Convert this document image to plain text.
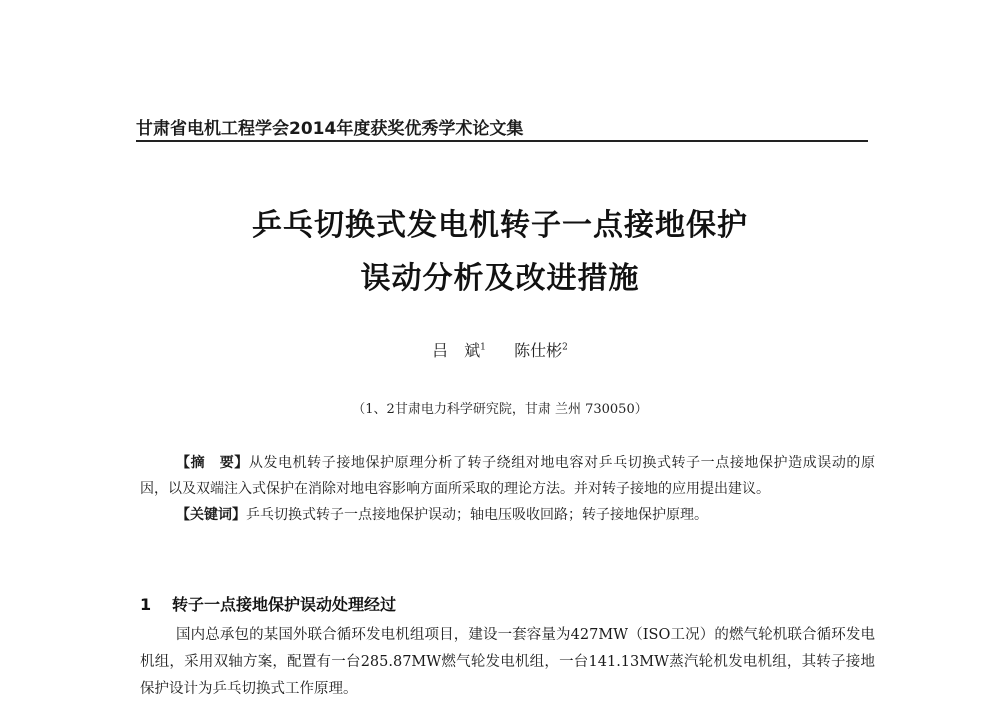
甘肃省电机工程学会2014年度获奖优秀学术论文集
乒乓切换式发电机转子一点接地保护
误动分析及改进措施
吕　斌$^1$ 陈仕彬$^2$
（1、2甘肃电力科学研究院，甘肃 兰州 730050）

【摘　要】从发电机转子接地保护原理分析了转子绕组对地电容对乒乓切换式转子一点接地保护造成误动的原因，以及双端注入式保护在消除对地电容影响方面所采取的理论方法。并对转子接地的应用提出建议。

【关键词】乒乓切换式转子一点接地保护误动；轴电压吸收回路；转子接地保护原理。

1 转子一点接地保护误动处理经过

国内总承包的某国外联合循环发电机组项目，建设一套容量为427MW（ISO工况）的燃气轮机联合循环发电机组，采用双轴方案，配置有一台285.87MW燃气轮发电机组，一台141.13MW蒸汽轮机发电机组，其转子接地保护设计为乒乓切换式工作原理。
